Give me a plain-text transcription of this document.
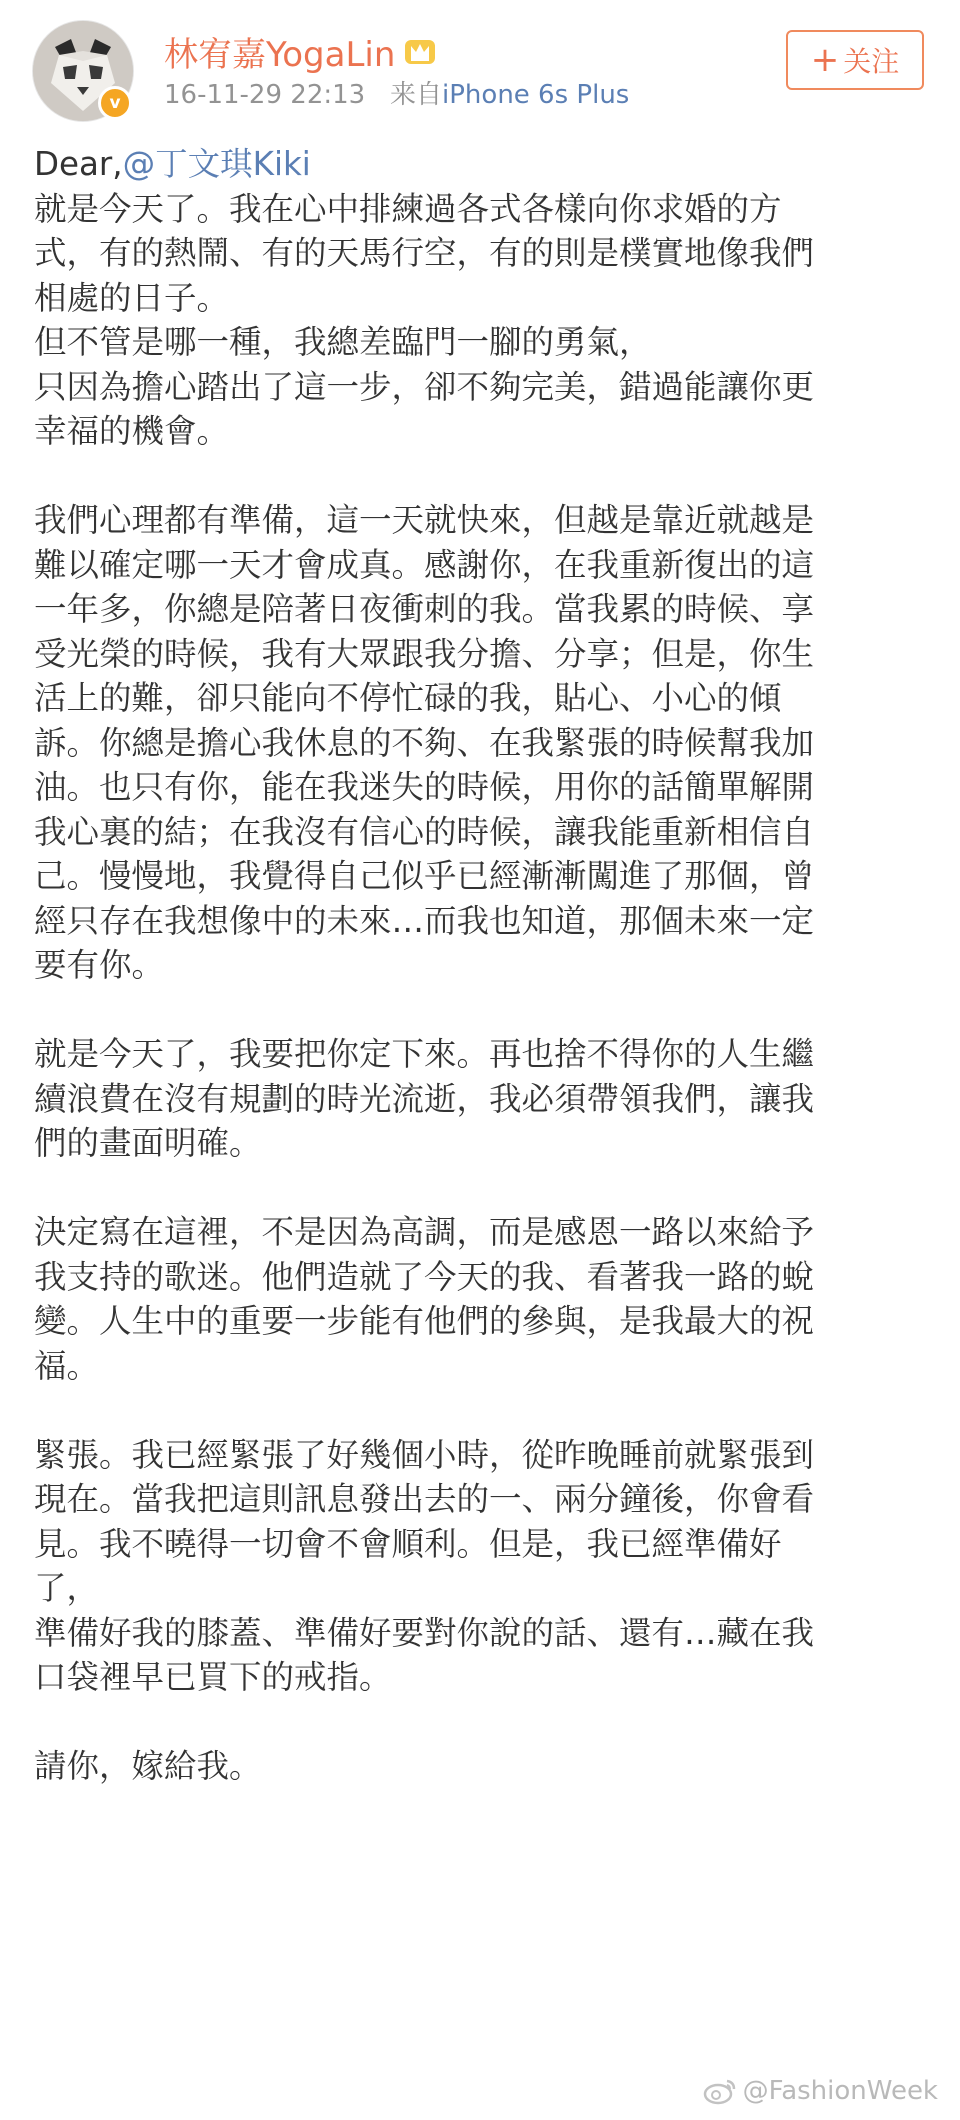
v
林宥嘉YogaLin
16-11-29 22:13 来自iPhone 6s Plus
+ 关注

Dear,@丁文琪Kiki

就是今天了。我在心中排練過各式各樣向你求婚的方

式，有的熱鬧、有的天馬行空，有的則是樸實地像我們

相處的日子。

但不管是哪一種，我總差臨門一腳的勇氣，

只因為擔心踏出了這一步，卻不夠完美，錯過能讓你更

幸福的機會。

我們心理都有準備，這一天就快來，但越是靠近就越是

難以確定哪一天才會成真。感謝你，在我重新復出的這

一年多，你總是陪著日夜衝刺的我。當我累的時候、享

受光榮的時候，我有大眾跟我分擔、分享；但是，你生

活上的難，卻只能向不停忙碌的我，貼心、小心的傾

訴。你總是擔心我休息的不夠、在我緊張的時候幫我加

油。也只有你，能在我迷失的時候，用你的話簡單解開

我心裏的結；在我沒有信心的時候，讓我能重新相信自

己。慢慢地，我覺得自己似乎已經漸漸闖進了那個，曾

經只存在我想像中的未來…而我也知道，那個未來一定

要有你。

就是今天了，我要把你定下來。再也捨不得你的人生繼

續浪費在沒有規劃的時光流逝，我必須帶領我們，讓我

們的畫面明確。

決定寫在這裡，不是因為高調，而是感恩一路以來給予

我支持的歌迷。他們造就了今天的我、看著我一路的蛻

變。人生中的重要一步能有他們的參與，是我最大的祝

福。

緊張。我已經緊張了好幾個小時，從昨晚睡前就緊張到

現在。當我把這則訊息發出去的一、兩分鐘後，你會看

見。我不曉得一切會不會順利。但是，我已經準備好

了，

準備好我的膝蓋、準備好要對你說的話、還有…藏在我

口袋裡早已買下的戒指。

請你，嫁給我。

@FashionWeek
